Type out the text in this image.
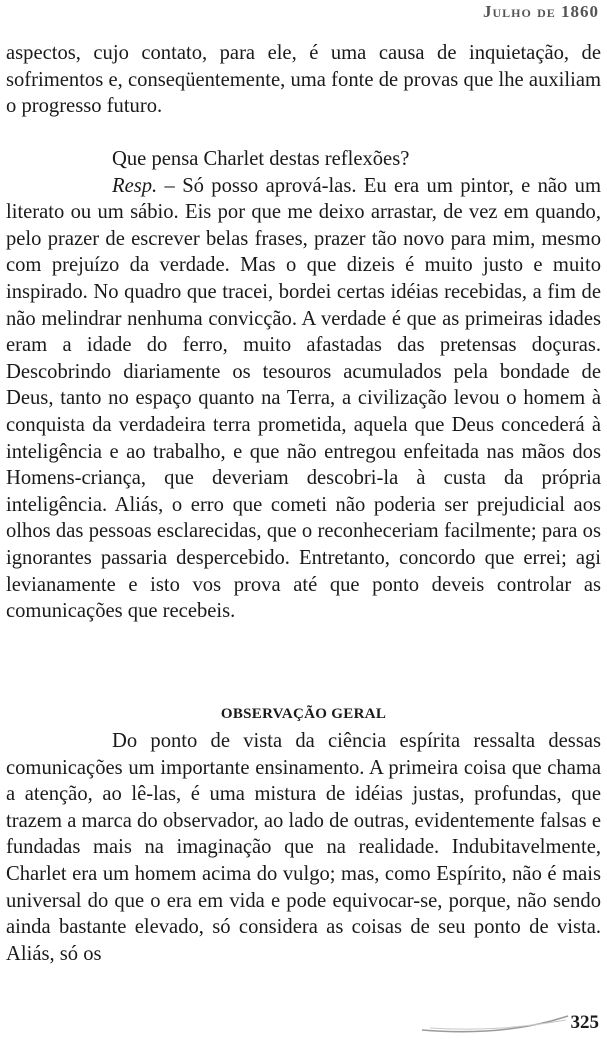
Julho de 1860

aspectos, cujo contato, para ele, é uma causa de inquietação, de sofrimentos e, conseqüentemente, uma fonte de provas que lhe auxiliam o progresso futuro.

Que pensa Charlet destas reflexões?

Resp. – Só posso aprová-las. Eu era um pintor, e não um literato ou um sábio. Eis por que me deixo arrastar, de vez em quando, pelo prazer de escrever belas frases, prazer tão novo para mim, mesmo com prejuízo da verdade. Mas o que dizeis é muito justo e muito inspirado. No quadro que tracei, bordei certas idéias recebidas, a fim de não melindrar nenhuma convicção. A verdade é que as primeiras idades eram a idade do ferro, muito afastadas das pretensas doçuras. Descobrindo diariamente os tesouros acumulados pela bondade de Deus, tanto no espaço quanto na Terra, a civilização levou o homem à conquista da verdadeira terra prometida, aquela que Deus concederá à inteligência e ao trabalho, e que não entregou enfeitada nas mãos dos Homens-criança, que deveriam descobri-la à custa da própria inteligência. Aliás, o erro que cometi não poderia ser prejudicial aos olhos das pessoas esclarecidas, que o reconheceriam facilmente; para os ignorantes passaria despercebido. Entretanto, concordo que errei; agi levianamente e isto vos prova até que ponto deveis controlar as comunicações que recebeis.

OBSERVAÇÃO GERAL

Do ponto de vista da ciência espírita ressalta dessas comunicações um importante ensinamento. A primeira coisa que chama a atenção, ao lê-las, é uma mistura de idéias justas, profundas, que trazem a marca do observador, ao lado de outras, evidentemente falsas e fundadas mais na imaginação que na realidade. Indubitavelmente, Charlet era um homem acima do vulgo; mas, como Espírito, não é mais universal do que o era em vida e pode equivocar-se, porque, não sendo ainda bastante elevado, só considera as coisas de seu ponto de vista. Aliás, só os

325
